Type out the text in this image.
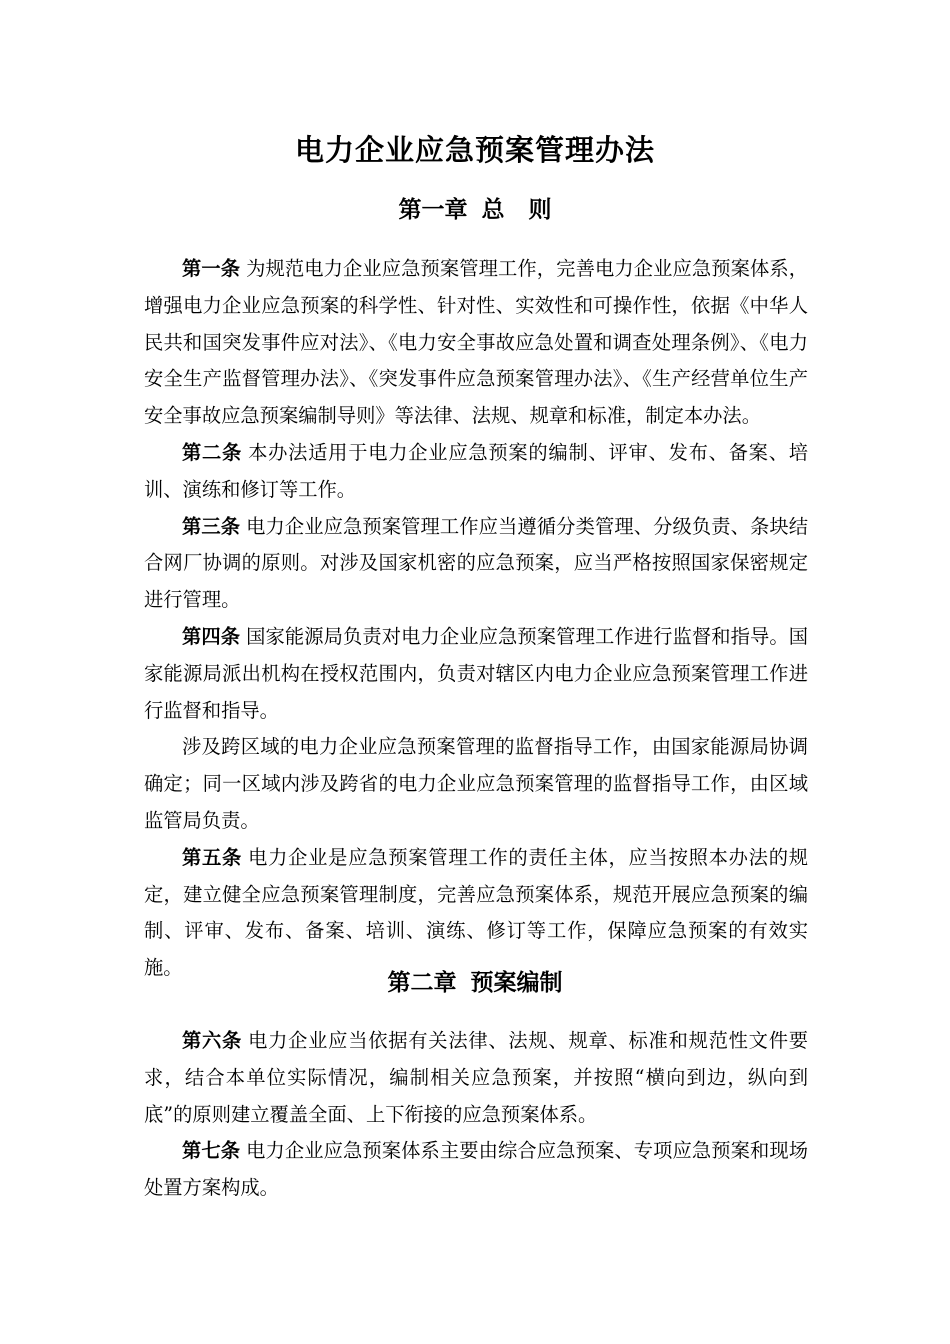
电力企业应急预案管理办法
第一章 总 则

第一条 为规范电力企业应急预案管理工作，完善电力企业应急预案体系，增强电力企业应急预案的科学性、针对性、实效性和可操作性，依据《中华人民共和国突发事件应对法》、《电力安全事故应急处置和调查处理条例》、《电力安全生产监督管理办法》、《突发事件应急预案管理办法》、《生产经营单位生产安全事故应急预案编制导则》等法律、法规、规章和标准，制定本办法。

第二条 本办法适用于电力企业应急预案的编制、评审、发布、备案、培训、演练和修订等工作。

第三条 电力企业应急预案管理工作应当遵循分类管理、分级负责、条块结合网厂协调的原则。对涉及国家机密的应急预案，应当严格按照国家保密规定进行管理。

第四条 国家能源局负责对电力企业应急预案管理工作进行监督和指导。国家能源局派出机构在授权范围内，负责对辖区内电力企业应急预案管理工作进行监督和指导。

涉及跨区域的电力企业应急预案管理的监督指导工作，由国家能源局协调确定；同一区域内涉及跨省的电力企业应急预案管理的监督指导工作，由区域监管局负责。

第五条 电力企业是应急预案管理工作的责任主体，应当按照本办法的规定，建立健全应急预案管理制度，完善应急预案体系，规范开展应急预案的编制、评审、发布、备案、培训、演练、修订等工作，保障应急预案的有效实施。

第二章 预案编制

第六条 电力企业应当依据有关法律、法规、规章、标准和规范性文件要求，结合本单位实际情况，编制相关应急预案，并按照“横向到边，纵向到底”的原则建立覆盖全面、上下衔接的应急预案体系。

第七条 电力企业应急预案体系主要由综合应急预案、专项应急预案和现场处置方案构成。
